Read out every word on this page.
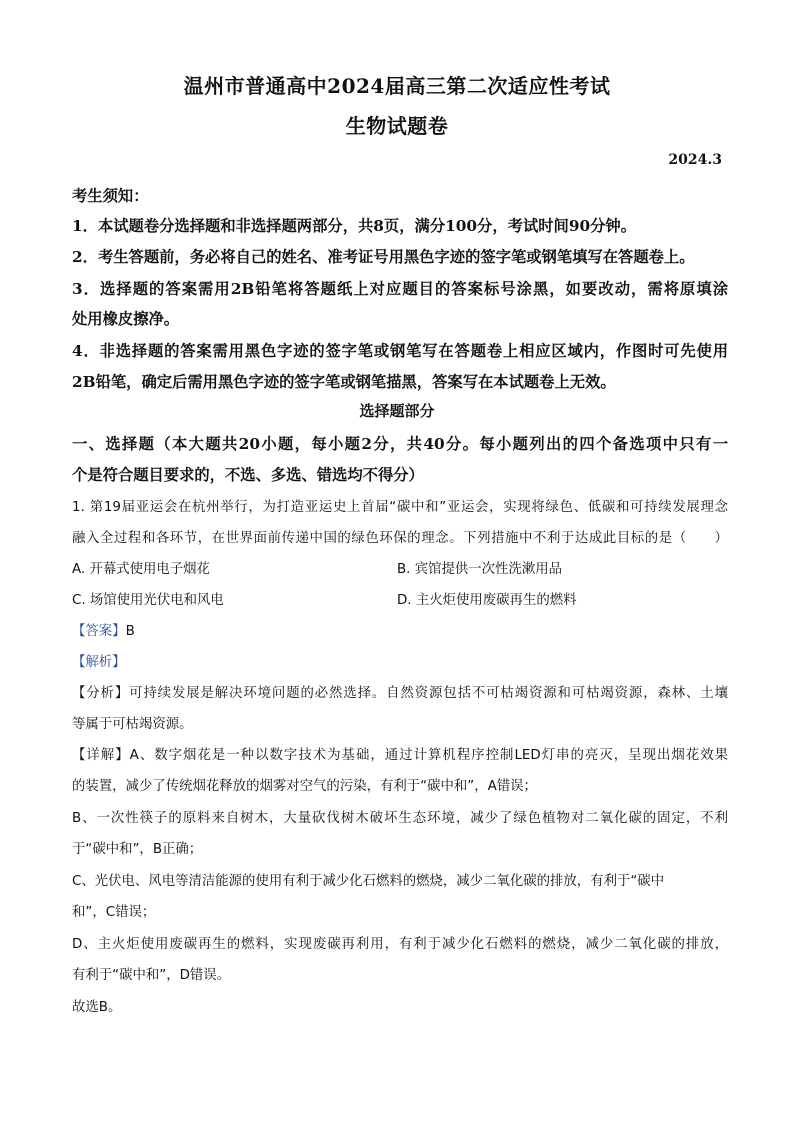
温州市普通高中2024届高三第二次适应性考试
生物试题卷
2024.3
考生须知：
1．本试题卷分选择题和非选择题两部分，共8页，满分100分，考试时间90分钟。
2．考生答题前，务必将自己的姓名、准考证号用黑色字迹的签字笔或钢笔填写在答题卷上。
3．选择题的答案需用2B铅笔将答题纸上对应题目的答案标号涂黑，如要改动，需将原填涂
处用橡皮擦净。
4．非选择题的答案需用黑色字迹的签字笔或钢笔写在答题卷上相应区域内，作图时可先使用
2B铅笔，确定后需用黑色字迹的签字笔或钢笔描黑，答案写在本试题卷上无效。
选择题部分
一、选择题（本大题共20小题，每小题2分，共40分。每小题列出的四个备选项中只有一
个是符合题目要求的，不选、多选、错选均不得分）
1. 第19届亚运会在杭州举行，为打造亚运史上首届“碳中和”亚运会，实现将绿色、低碳和可持续发展理念
融入全过程和各环节，在世界面前传递中国的绿色环保的理念。下列措施中不利于达成此目标的是（　　）
A. 开幕式使用电子烟花	B. 宾馆提供一次性洗漱用品
C. 场馆使用光伏电和风电	D. 主火炬使用废碳再生的燃料
【答案】B
【解析】
【分析】可持续发展是解决环境问题的必然选择。自然资源包括不可枯竭资源和可枯竭资源，森林、土壤
等属于可枯竭资源。
【详解】A、数字烟花是一种以数字技术为基础，通过计算机程序控制LED灯串的亮灭，呈现出烟花效果
的装置，减少了传统烟花释放的烟雾对空气的污染，有利于“碳中和”，A错误；
B、一次性筷子的原料来自树木，大量砍伐树木破坏生态环境，减少了绿色植物对二氧化碳的固定，不利
于“碳中和”，B正确；
C、光伏电、风电等清洁能源的使用有利于减少化石燃料的燃烧，减少二氧化碳的排放，有利于“碳中
和”，C错误；
D、主火炬使用废碳再生的燃料，实现废碳再利用，有利于减少化石燃料的燃烧，减少二氧化碳的排放，
有利于“碳中和”，D错误。
故选B。
